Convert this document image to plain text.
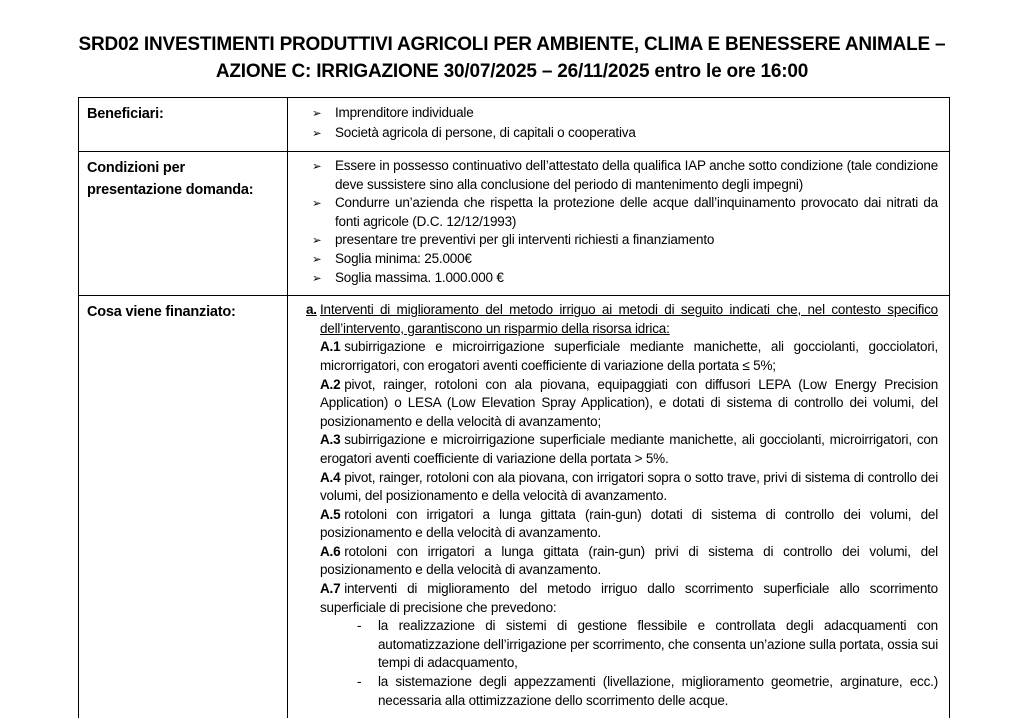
SRD02 INVESTIMENTI PRODUTTIVI AGRICOLI PER AMBIENTE, CLIMA E BENESSERE ANIMALE –
AZIONE C: IRRIGAZIONE 30/07/2025 – 26/11/2025 entro le ore 16:00
Beneficiari:	➢ Imprenditore individuale
➢ Società agricola di persone, di capitali o cooperativa
Condizioni per presentazione domanda:
➢ Essere in possesso continuativo dell’attestato della qualifica IAP anche sotto condizione (tale condizione deve sussistere sino alla conclusione del periodo di mantenimento degli impegni)
➢ Condurre un’azienda che rispetta la protezione delle acque dall’inquinamento provocato dai nitrati da fonti agricole (D.C. 12/12/1993)
➢ presentare tre preventivi per gli interventi richiesti a finanziamento
➢ Soglia minima: 25.000€
➢ Soglia massima. 1.000.000 €
Cosa viene finanziato:	a. Interventi di miglioramento del metodo irriguo ai metodi di seguito indicati che, nel contesto specifico dell’intervento, garantiscono un risparmio della risorsa idrica:
A.1 subirrigazione e microirrigazione superficiale mediante manichette, ali gocciolanti, gocciolatori, microrrigatori, con erogatori aventi coefficiente di variazione della portata ≤ 5%;
A.2 pivot, rainger, rotoloni con ala piovana, equipaggiati con diffusori LEPA (Low Energy Precision Application) o LESA (Low Elevation Spray Application), e dotati di sistema di controllo dei volumi, del posizionamento e della velocità di avanzamento;
A.3 subirrigazione e microirrigazione superficiale mediante manichette, ali gocciolanti, microirrigatori, con erogatori aventi coefficiente di variazione della portata > 5%.
A.4 pivot, rainger, rotoloni con ala piovana, con irrigatori sopra o sotto trave, privi di sistema di controllo dei volumi, del posizionamento e della velocità di avanzamento.
A.5 rotoloni con irrigatori a lunga gittata (rain-gun) dotati di sistema di controllo dei volumi, del posizionamento e della velocità di avanzamento.
A.6 rotoloni con irrigatori a lunga gittata (rain-gun) privi di sistema di controllo dei volumi, del posizionamento e della velocità di avanzamento.
A.7 interventi di miglioramento del metodo irriguo dallo scorrimento superficiale allo scorrimento superficiale di precisione che prevedono:
- la realizzazione di sistemi di gestione flessibile e controllata degli adacquamenti con automatizzazione dell’irrigazione per scorrimento, che consenta un’azione sulla portata, ossia sui tempi di adacquamento,
- la sistemazione degli appezzamenti (livellazione, miglioramento geometrie, arginature, ecc.) necessaria alla ottimizzazione dello scorrimento delle acque.
